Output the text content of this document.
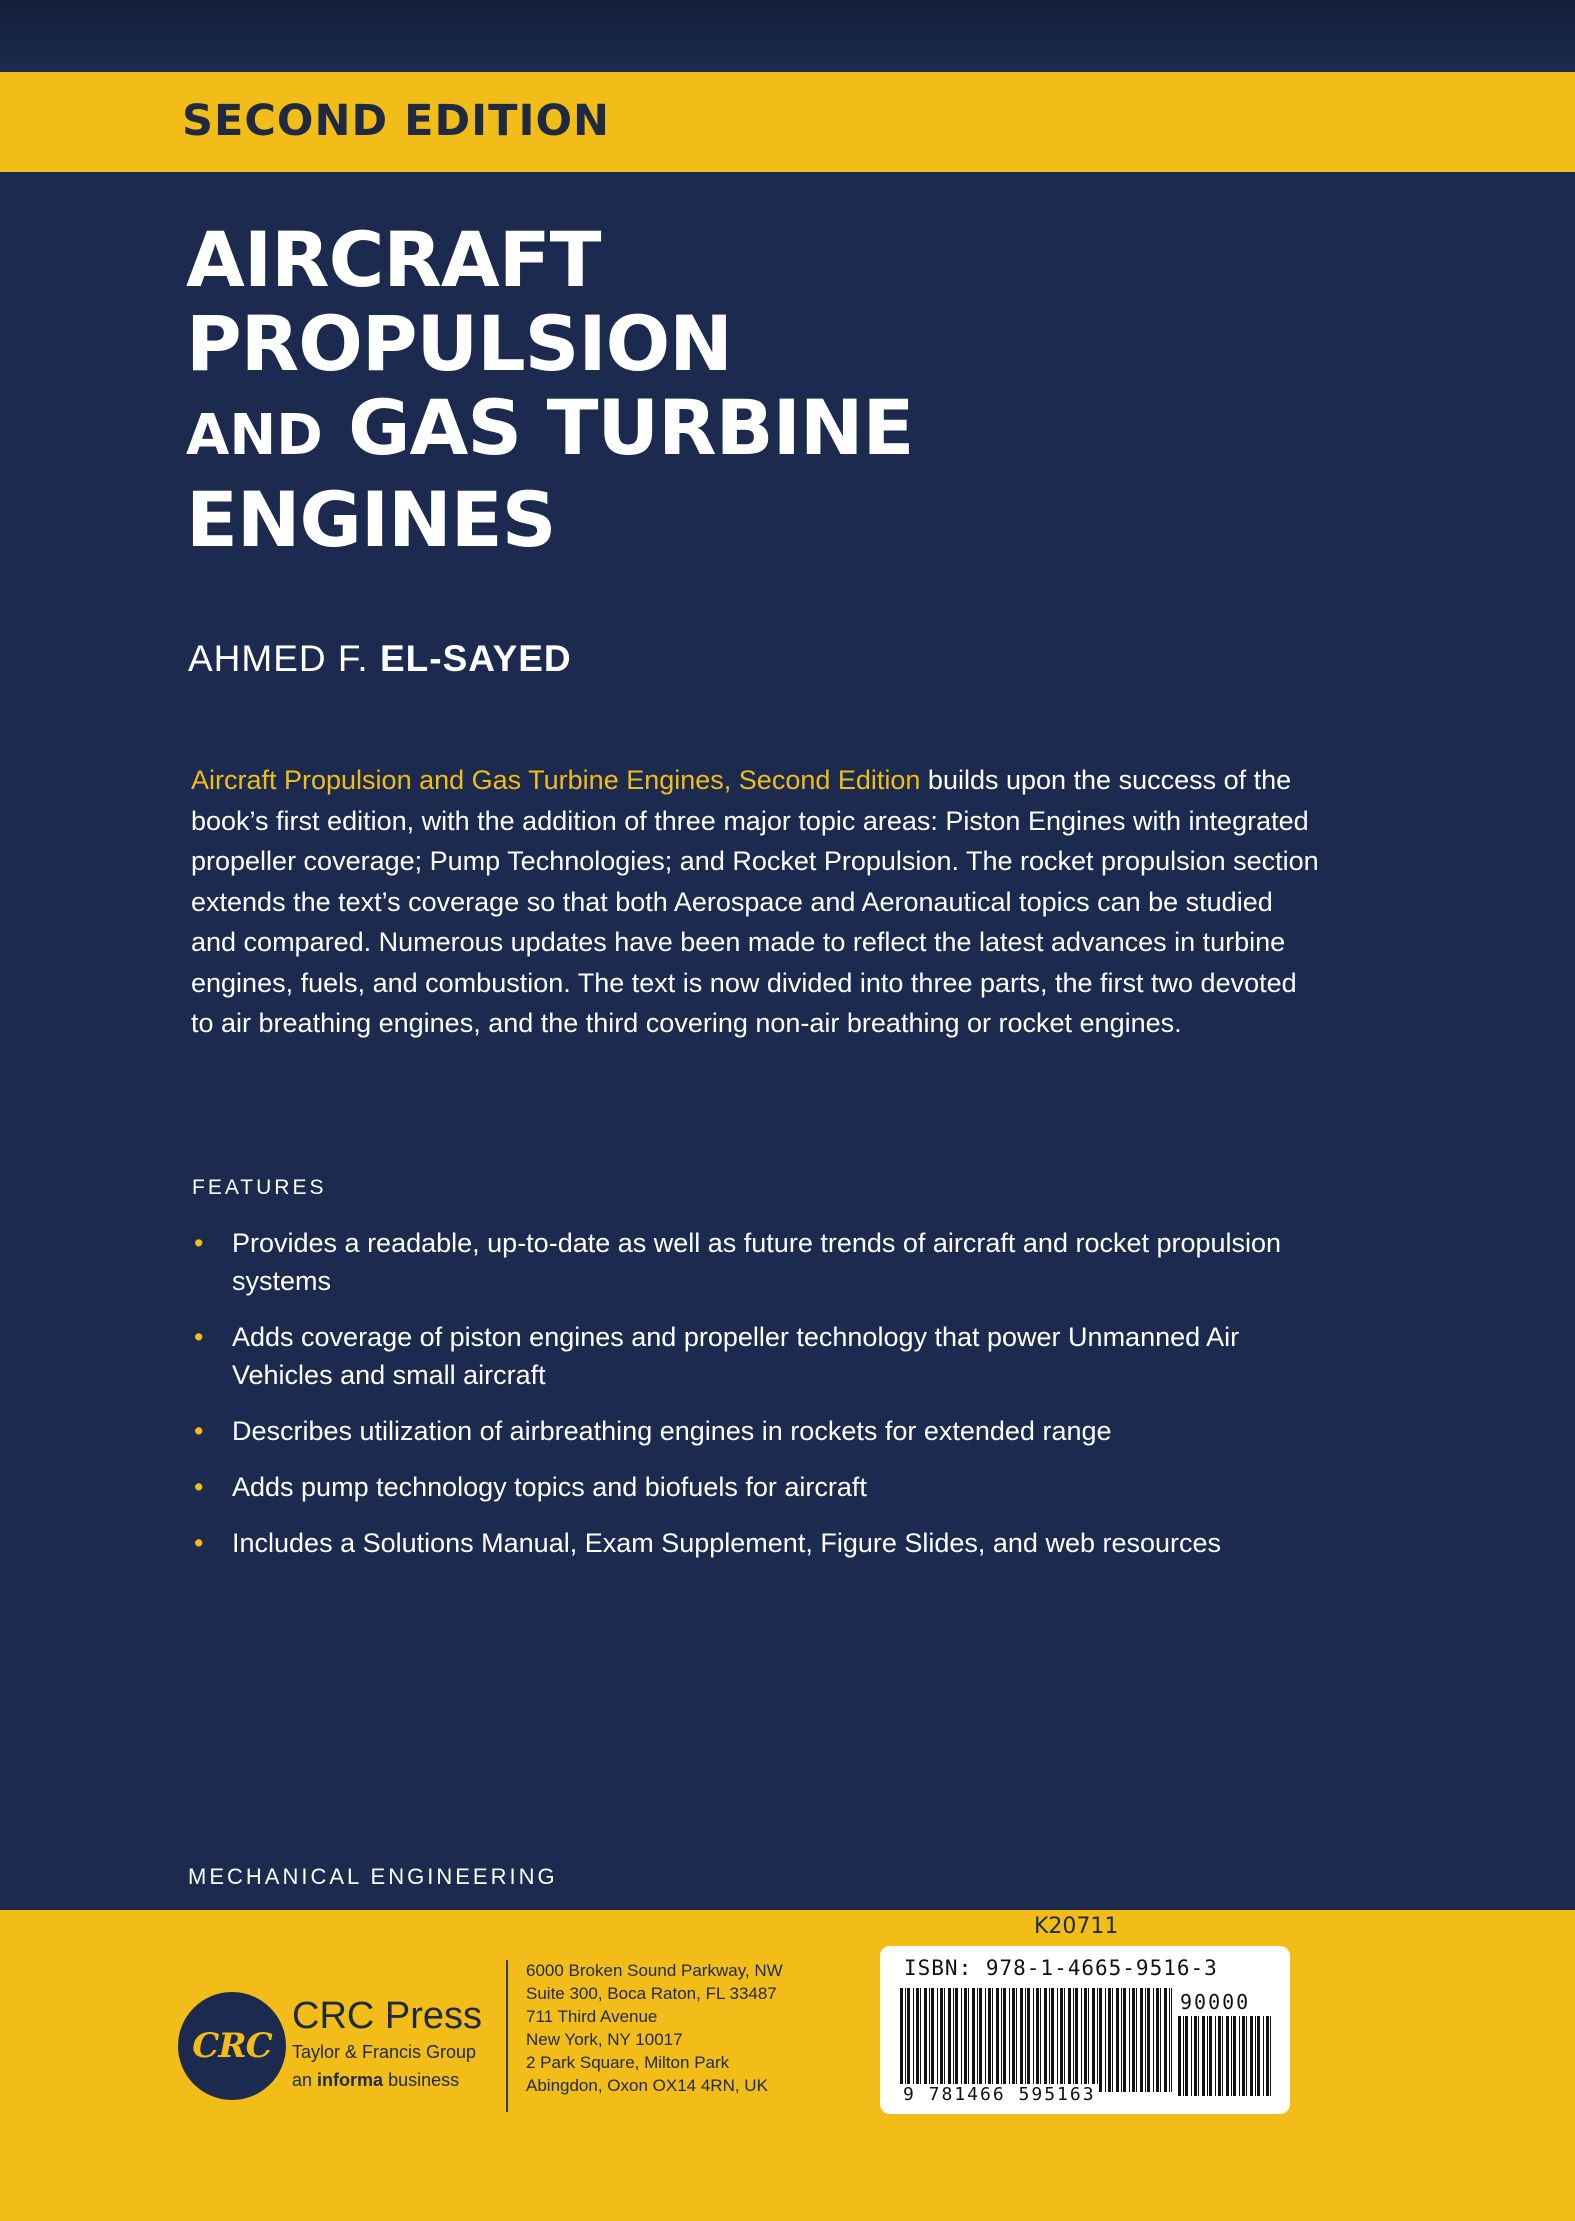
SECOND EDITION
AIRCRAFT
PROPULSION
AND GAS TURBINE
ENGINES
AHMED F. EL-SAYED
Aircraft Propulsion and Gas Turbine Engines, Second Edition builds upon the success of the book’s first edition, with the addition of three major topic areas: Piston Engines with integrated propeller coverage; Pump Technologies; and Rocket Propulsion. The rocket propulsion section extends the text’s coverage so that both Aerospace and Aeronautical topics can be studied and compared. Numerous updates have been made to reflect the latest advances in turbine engines, fuels, and combustion. The text is now divided into three parts, the first two devoted to air breathing engines, and the third covering non-air breathing or rocket engines.
FEATURES
• Provides a readable, up-to-date as well as future trends of aircraft and rocket propulsion systems
• Adds coverage of piston engines and propeller technology that power Unmanned Air Vehicles and small aircraft
• Describes utilization of airbreathing engines in rockets for extended range
• Adds pump technology topics and biofuels for aircraft
• Includes a Solutions Manual, Exam Supplement, Figure Slides, and web resources
MECHANICAL ENGINEERING
K20711
CRC
CRC Press
Taylor & Francis Group
an informa business
6000 Broken Sound Parkway, NW
Suite 300, Boca Raton, FL 33487
711 Third Avenue
New York, NY 10017
2 Park Square, Milton Park
Abingdon, Oxon OX14 4RN, UK
ISBN: 978-1-4665-9516-3
90000
9 781466 595163
